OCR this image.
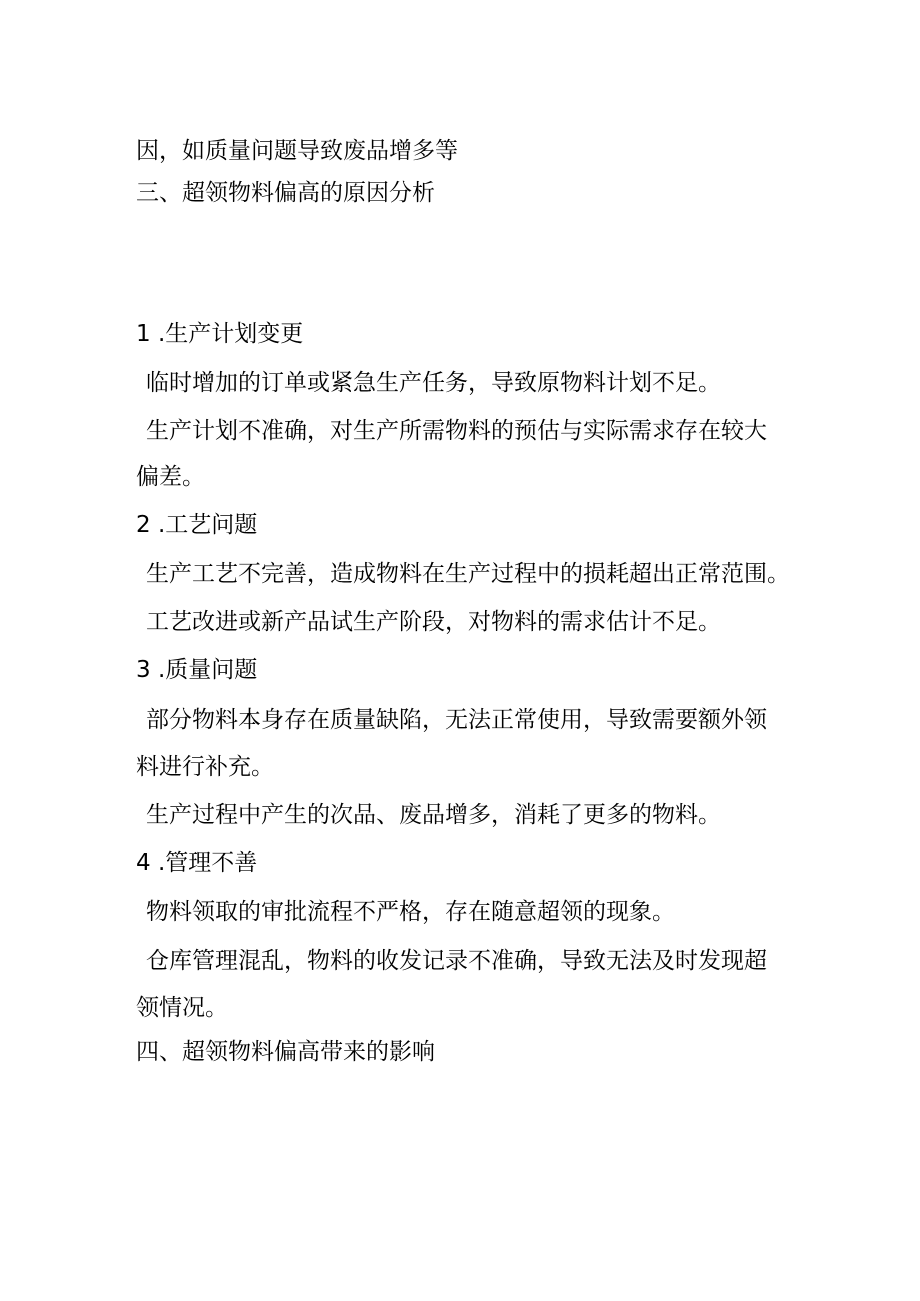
因，如质量问题导致废品增多等
三、超领物料偏高的原因分析
1 .生产计划变更
临时增加的订单或紧急生产任务，导致原物料计划不足。
生产计划不准确，对生产所需物料的预估与实际需求存在较大
偏差。
2 .工艺问题
生产工艺不完善，造成物料在生产过程中的损耗超出正常范围。
工艺改进或新产品试生产阶段，对物料的需求估计不足。
3 .质量问题
部分物料本身存在质量缺陷，无法正常使用，导致需要额外领
料进行补充。
生产过程中产生的次品、废品增多，消耗了更多的物料。
4 .管理不善
物料领取的审批流程不严格，存在随意超领的现象。
仓库管理混乱，物料的收发记录不准确，导致无法及时发现超
领情况。
四、超领物料偏高带来的影响
